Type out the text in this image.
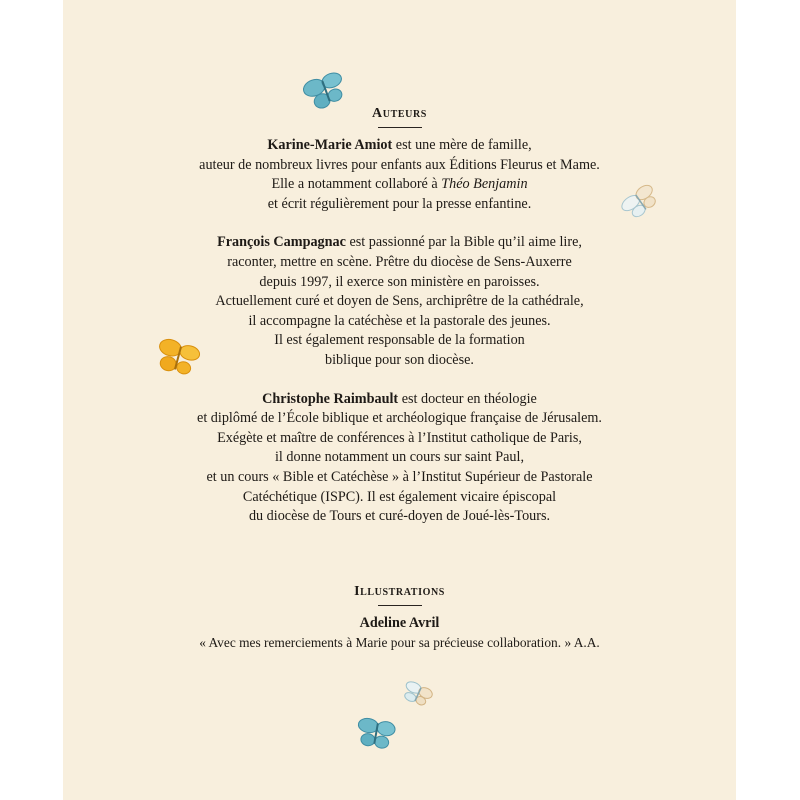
Auteurs

Karine-Marie Amiot est une mère de famille,
auteur de nombreux livres pour enfants aux Éditions Fleurus et Mame.
Elle a notamment collaboré à Théo Benjamin
et écrit régulièrement pour la presse enfantine.

François Campagnac est passionné par la Bible qu’il aime lire,
raconter, mettre en scène. Prêtre du diocèse de Sens-Auxerre
depuis 1997, il exerce son ministère en paroisses.
Actuellement curé et doyen de Sens, archiprêtre de la cathédrale,
il accompagne la catéchèse et la pastorale des jeunes.
Il est également responsable de la formation
biblique pour son diocèse.

Christophe Raimbault est docteur en théologie
et diplômé de l’École biblique et archéologique française de Jérusalem.
Exégète et maître de conférences à l’Institut catholique de Paris,
il donne notamment un cours sur saint Paul,
et un cours « Bible et Catéchèse » à l’Institut Supérieur de Pastorale
Catéchétique (ISPC). Il est également vicaire épiscopal
du diocèse de Tours et curé-doyen de Joué-lès-Tours.

Illustrations

Adeline Avril
« Avec mes remerciements à Marie pour sa précieuse collaboration. » A.A.
